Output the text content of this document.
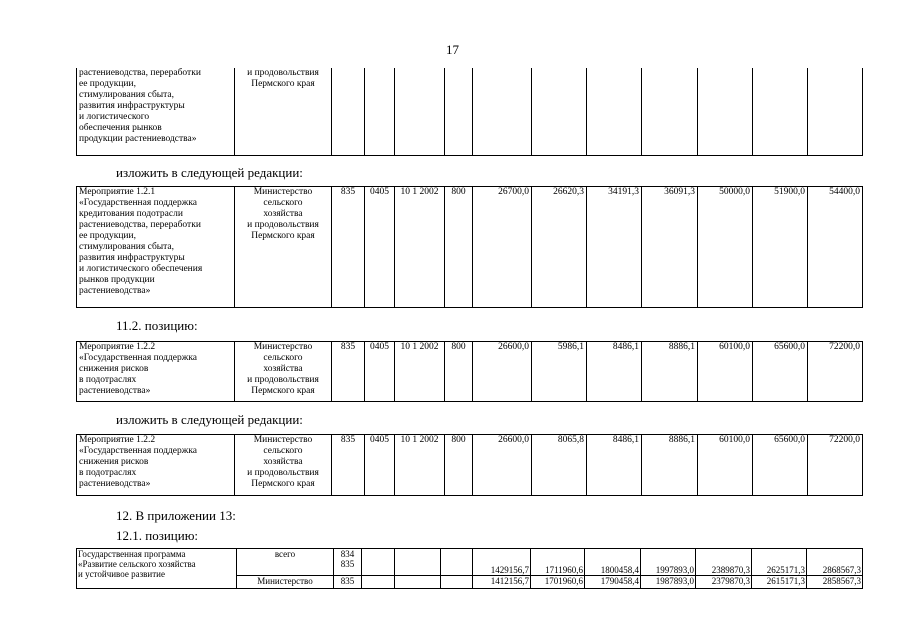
17
растениеводства, переработки
ее продукции,
стимулирования сбыта,
развития инфраструктуры
и логистического
обеспечения рынков
продукции растениеводства»	и продовольствия
Пермского края											
изложить в следующей редакции:
Мероприятие 1.2.1
«Государственная поддержка
кредитования подотрасли
растениеводства, переработки
ее продукции,
стимулирования сбыта,
развития инфраструктуры
и логистического обеспечения
рынков продукции
растениеводства»	Министерство
сельского
хозяйства
и продовольствия
Пермского края	835	0405	10 1 2002	800	26700,0	26620,3	34191,3	36091,3	50000,0	51900,0	54400,0
11.2. позицию:
Мероприятие 1.2.2
«Государственная поддержка
снижения рисков
в подотраслях
растениеводства»	Министерство
сельского
хозяйства
и продовольствия
Пермского края	835	0405	10 1 2002	800	26600,0	5986,1	8486,1	8886,1	60100,0	65600,0	72200,0
изложить в следующей редакции:
Мероприятие 1.2.2
«Государственная поддержка
снижения рисков
в подотраслях
растениеводства»	Министерство
сельского
хозяйства
и продовольствия
Пермского края	835	0405	10 1 2002	800	26600,0	8065,8	8486,1	8886,1	60100,0	65600,0	72200,0
12. В приложении 13:
12.1. позицию:
Государственная программа
«Развитие сельского хозяйства
и устойчивое развитие	всего	834
835				1429156,7	1711960,6	1800458,4	1997893,0	2389870,3	2625171,3	2868567,3
	Министерство	835				1412156,7	1701960,6	1790458,4	1987893,0	2379870,3	2615171,3	2858567,3
